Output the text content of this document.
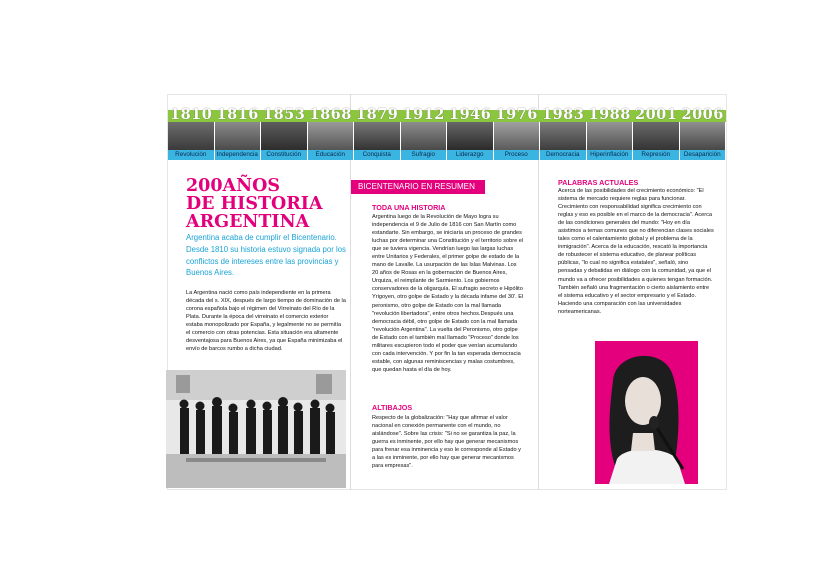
1810 1816 1853 1868 1879 1912 1946 1976 1983 1988 2001 2006
Revolución	Independencia	Constitución	Educación	Conquista	Sufragio	Liderazgo	Proceso	Democracia	Hiperinflación	Represión	Desaparición
200AÑOS
DE HISTORIA
ARGENTINA
Argentina acaba de cumplir el Bicentenario. Desde 1810 su historia estuvo signada por los conflictos de intereses entre las provincias y Buenos Aires.
La Argentina nació como país independiente en la primera década del s. XIX, después de largo tiempo de dominación de la corona española bajo el régimen del Virreinato del Río de la Plata. Durante la época del virreinato el comercio exterior estaba monopolizado por España, y legalmente no se permitía el comercio con otras potencias. Esta situación era altamente desventajosa para Buenos Aires, ya que España minimizaba el envío de barcos rumbo a dicha ciudad.
BICENTENARIO EN RESUMEN
TODA UNA HISTORIA
Argentina luego de la Revolución de Mayo logra su independencia el 9 de Julio de 1816 con San Martín como estandarte. Sin embargo, se iniciaría un proceso de grandes luchas por determinar una Constitución y el territorio sobre el que se tuviera vigencia. Vendrían luego las largas luchas entre Unitarios y Federales, el primer golpe de estado de la mano de Lavalle. La usurpación de las Islas Malvinas. Los 20 años de Rosas en la gobernación de Buenos Aires, Urquiza, el reimplante de Sarmiento. Los gobiernos conservadores de la oligarquía. El sufragio secreto e Hipólito Yrigoyen, otro golpe de Estado y la década infame del 30'. El peronismo, otro golpe de Estado con la mal llamada "revolución libertadora", entre otros hechos.Después una democracia débil, otro golpe de Estado con la mal llamada "revolución Argentina". La vuelta del Peronismo, otro golpe de Estado con el también mal llamado "Proceso" donde los militares escupieron todo el poder que venían acumulando con cada intervención. Y por fin la tan esperada democracia estable, con algunas reminiscencias y malas costumbres, que quedan hasta el día de hoy.
ALTIBAJOS
Respecto de la globalización: "Hay que afirmar el valor nacional en conexión permanente con el mundo, no aislándose". Sobre las crisis: "Si no se garantiza la paz, la guerra es inminente, por ello hay que generar mecanismos para frenar esa inminencia y eso le corresponde al Estado y a las es inminente, por ello hay que generar mecanismos para empresas".
PALABRAS ACTUALES
Acerca de las posibilidades del crecimiento económico: "El sistema de mercado requiere reglas para funcionar. Crecimiento con responsabilidad significa crecimiento con reglas y eso es posible en el marco de la democracia". Acerca de las condiciones generales del mundo: "Hoy en día asistimos a temas comunes que no diferencian clases sociales tales como el calentamiento global y el problema de la inmigración". Acerca de la educación, rescató la importancia de robustecer el sistema educativo, de planear políticas públicas, "lo cual no significa estatales", señaló, sino pensadas y debatidas en diálogo con la comunidad, ya que el mundo va a ofrecer posibilidades a quienes tengan formación. También señaló una fragmentación o cierto aislamiento entre el sistema educativo y el sector empresario y el Estado. Haciendo una comparación con las universidades norteamericanas.
